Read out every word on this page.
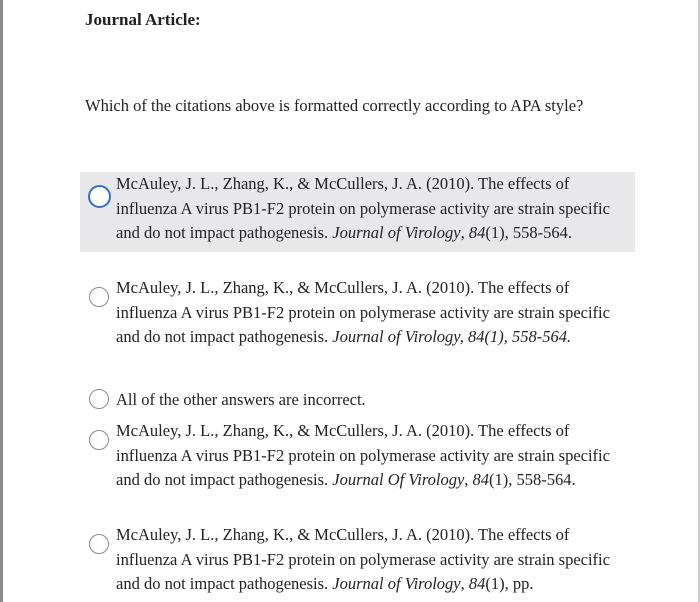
Journal Article:

Which of the citations above is formatted correctly according to APA style?

McAuley, J. L., Zhang, K., & McCullers, J. A. (2010). The effects of influenza A virus PB1-F2 protein on polymerase activity are strain specific and do not impact pathogenesis. Journal of Virology, 84(1), 558-564.
McAuley, J. L., Zhang, K., & McCullers, J. A. (2010). The effects of influenza A virus PB1-F2 protein on polymerase activity are strain specific and do not impact pathogenesis. Journal of Virology, 84(1), 558-564.
All of the other answers are incorrect.
McAuley, J. L., Zhang, K., & McCullers, J. A. (2010). The effects of influenza A virus PB1-F2 protein on polymerase activity are strain specific and do not impact pathogenesis. Journal Of Virology, 84(1), 558-564.
McAuley, J. L., Zhang, K., & McCullers, J. A. (2010). The effects of influenza A virus PB1-F2 protein on polymerase activity are strain specific and do not impact pathogenesis. Journal of Virology, 84(1), pp.
